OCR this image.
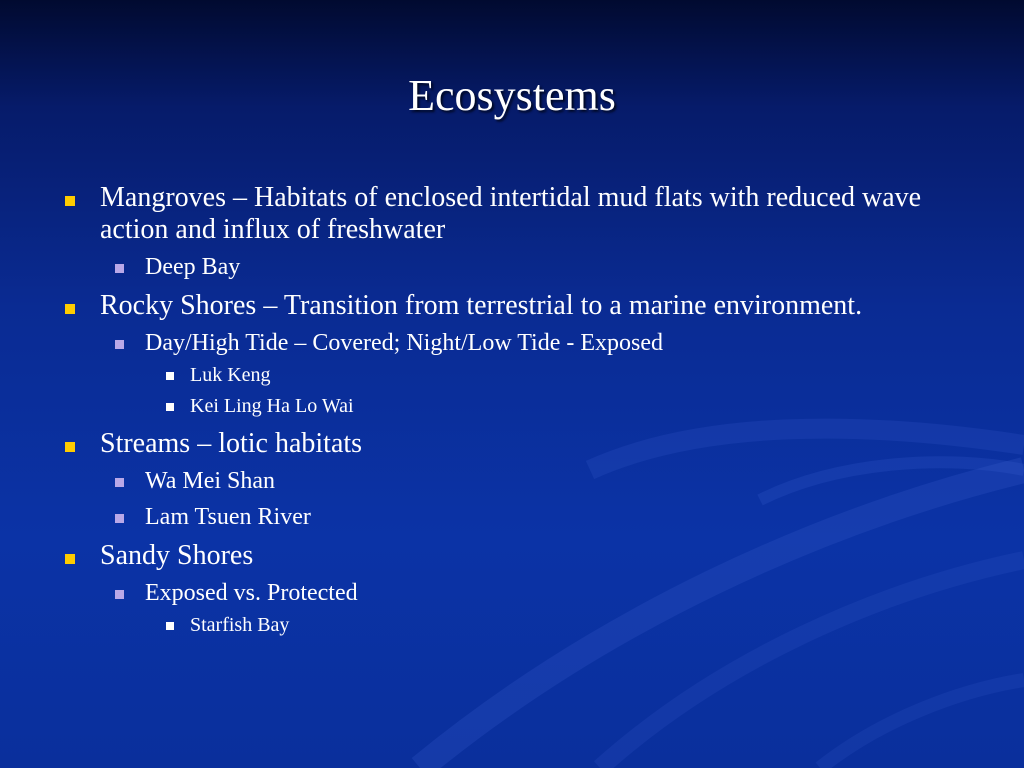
Ecosystems
Mangroves – Habitats of enclosed intertidal mud flats with reduced wave action and influx of freshwater
Deep Bay
Rocky Shores – Transition from terrestrial to a marine environment.
Day/High Tide – Covered; Night/Low Tide - Exposed
Luk Keng
Kei Ling Ha Lo Wai
Streams – lotic habitats
Wa Mei Shan
Lam Tsuen River
Sandy Shores
Exposed vs. Protected
Starfish Bay
